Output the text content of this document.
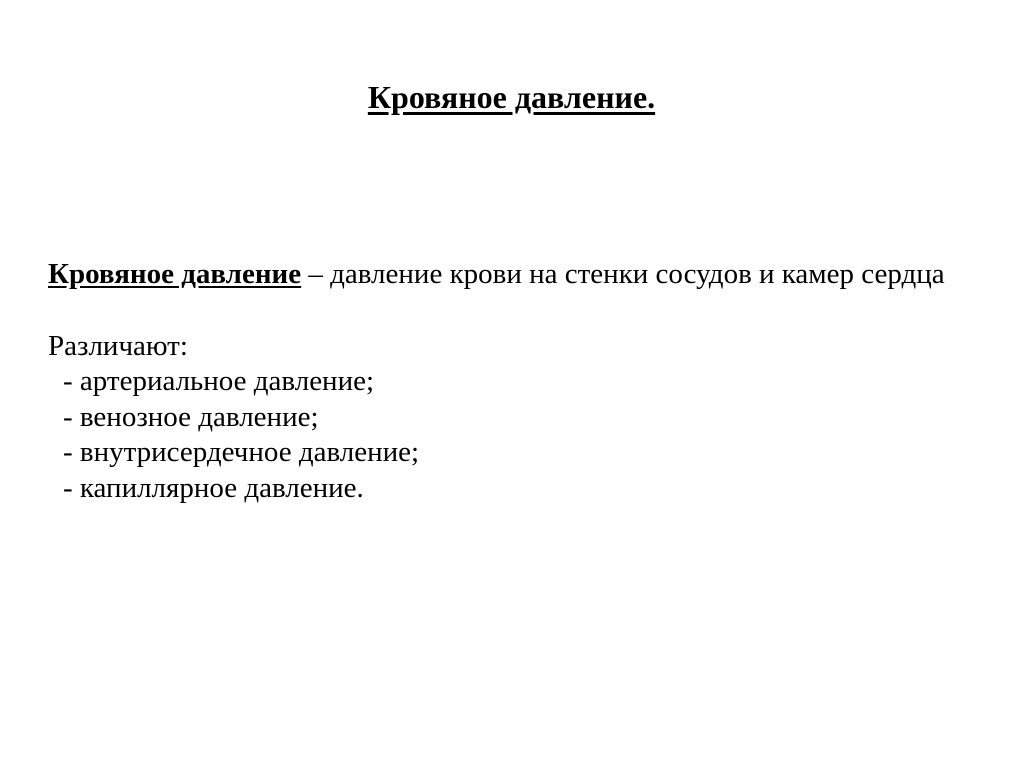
Кровяное давление.

Кровяное давление – давление крови на стенки сосудов и камер сердца

Различают:

- артериальное давление;
- венозное давление;
- внутрисердечное давление;
- капиллярное давление.
